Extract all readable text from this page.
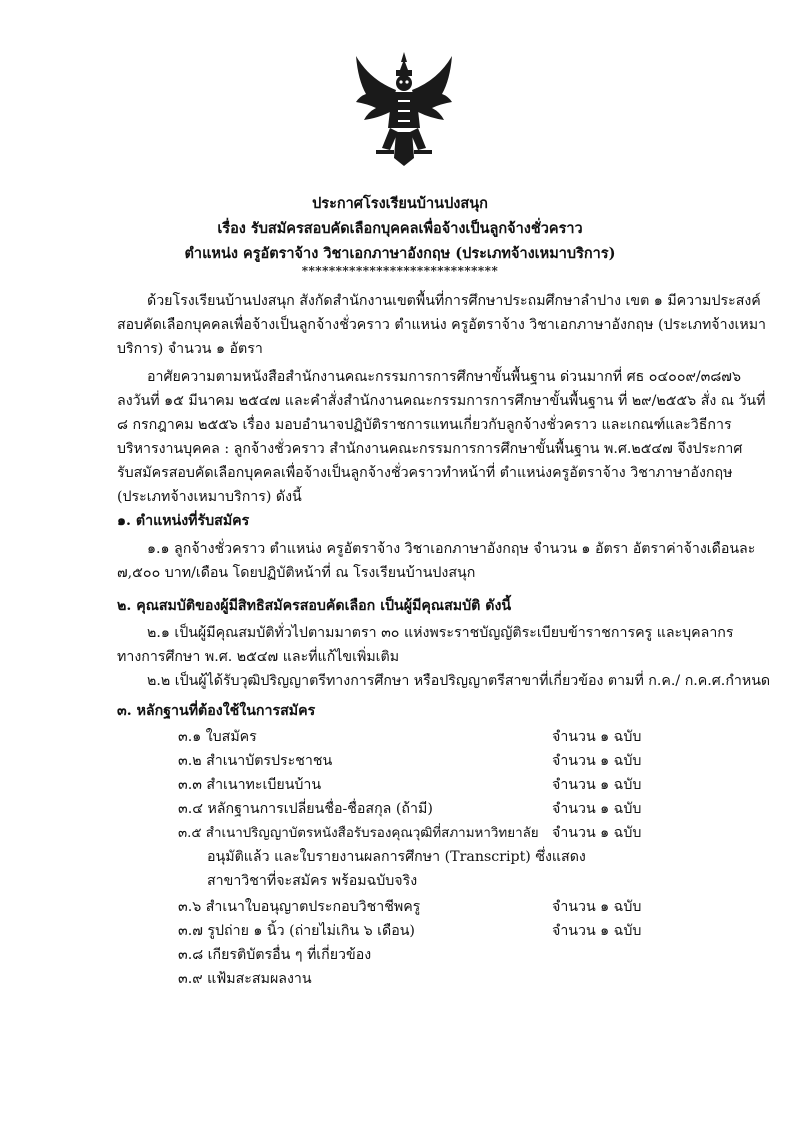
ประกาศโรงเรียนบ้านปงสนุก
เรื่อง รับสมัครสอบคัดเลือกบุคคลเพื่อจ้างเป็นลูกจ้างชั่วคราว
ตำแหน่ง ครูอัตราจ้าง วิชาเอกภาษาอังกฤษ (ประเภทจ้างเหมาบริการ)
*****************************
ด้วยโรงเรียนบ้านปงสนุก สังกัดสำนักงานเขตพื้นที่การศึกษาประถมศึกษาลำปาง เขต ๑ มีความประสงค์
สอบคัดเลือกบุคคลเพื่อจ้างเป็นลูกจ้างชั่วคราว ตำแหน่ง ครูอัตราจ้าง วิชาเอกภาษาอังกฤษ (ประเภทจ้างเหมา
บริการ) จำนวน ๑ อัตรา
อาศัยความตามหนังสือสำนักงานคณะกรรมการการศึกษาขั้นพื้นฐาน ด่วนมากที่ ศธ ๐๔๐๐๙/๓๘๗๖
ลงวันที่ ๑๕ มีนาคม ๒๕๔๗ และคำสั่งสำนักงานคณะกรรมการการศึกษาขั้นพื้นฐาน ที่ ๒๙/๒๕๕๖ สั่ง ณ วันที่
๘ กรกฎาคม ๒๕๕๖ เรื่อง มอบอำนาจปฏิบัติราชการแทนเกี่ยวกับลูกจ้างชั่วคราว และเกณฑ์และวิธีการ
บริหารงานบุคคล : ลูกจ้างชั่วคราว สำนักงานคณะกรรมการการศึกษาขั้นพื้นฐาน พ.ศ.๒๕๔๗ จึงประกาศ
รับสมัครสอบคัดเลือกบุคคลเพื่อจ้างเป็นลูกจ้างชั่วคราวทำหน้าที่ ตำแหน่งครูอัตราจ้าง วิชาภาษาอังกฤษ
(ประเภทจ้างเหมาบริการ) ดังนี้
๑. ตำแหน่งที่รับสมัคร
๑.๑ ลูกจ้างชั่วคราว ตำแหน่ง ครูอัตราจ้าง วิชาเอกภาษาอังกฤษ จำนวน ๑ อัตรา อัตราค่าจ้างเดือนละ
๗,๕๐๐ บาท/เดือน โดยปฏิบัติหน้าที่ ณ โรงเรียนบ้านปงสนุก
๒. คุณสมบัติของผู้มีสิทธิสมัครสอบคัดเลือก เป็นผู้มีคุณสมบัติ ดังนี้
๒.๑ เป็นผู้มีคุณสมบัติทั่วไปตามมาตรา ๓๐ แห่งพระราชบัญญัติระเบียบข้าราชการครู และบุคลากร
ทางการศึกษา พ.ศ. ๒๕๔๗ และที่แก้ไขเพิ่มเติม
๒.๒ เป็นผู้ได้รับวุฒิปริญญาตรีทางการศึกษา หรือปริญญาตรีสาขาที่เกี่ยวข้อง ตามที่ ก.ค./ ก.ค.ศ.กำหนด
๓. หลักฐานที่ต้องใช้ในการสมัคร
๓.๑ ใบสมัคร	จำนวน ๑ ฉบับ
๓.๒ สำเนาบัตรประชาชน	จำนวน ๑ ฉบับ
๓.๓ สำเนาทะเบียนบ้าน	จำนวน ๑ ฉบับ
๓.๔ หลักฐานการเปลี่ยนชื่อ-ชื่อสกุล (ถ้ามี)	จำนวน ๑ ฉบับ
๓.๕ สำเนาปริญญาบัตรหนังสือรับรองคุณวุฒิที่สภามหาวิทยาลัย จำนวน ๑ ฉบับ
อนุมัติแล้ว และใบรายงานผลการศึกษา (Transcript) ซึ่งแสดง
สาขาวิชาที่จะสมัคร พร้อมฉบับจริง
๓.๖ สำเนาใบอนุญาตประกอบวิชาชีพครู	จำนวน ๑ ฉบับ
๓.๗ รูปถ่าย ๑ นิ้ว (ถ่ายไม่เกิน ๖ เดือน)	จำนวน ๑ ฉบับ
๓.๘ เกียรติบัตรอื่น ๆ ที่เกี่ยวข้อง
๓.๙ แฟ้มสะสมผลงาน
